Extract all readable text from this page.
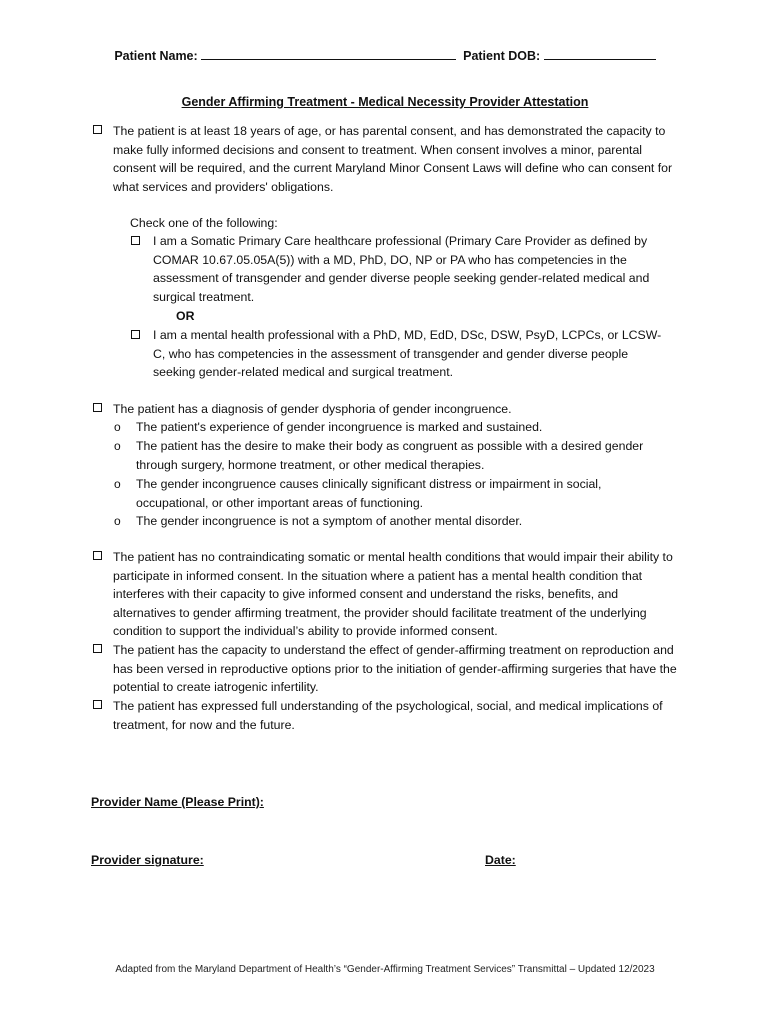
Patient Name:	Patient DOB:
Gender Affirming Treatment - Medical Necessity Provider Attestation

The patient is at least 18 years of age, or has parental consent, and has demonstrated the capacity to make fully informed decisions and consent to treatment. When consent involves a minor, parental consent will be required, and the current Maryland Minor Consent Laws will define who can consent for what services and providers' obligations.

Check one of the following:

I am a Somatic Primary Care healthcare professional (Primary Care Provider as defined by COMAR 10.67.05.05A(5)) with a MD, PhD, DO, NP or PA who has competencies in the assessment of transgender and gender diverse people seeking gender-related medical and surgical treatment.

OR

I am a mental health professional with a PhD, MD, EdD, DSc, DSW, PsyD, LCPCs, or LCSW-C, who has competencies in the assessment of transgender and gender diverse people seeking gender-related medical and surgical treatment.

The patient has a diagnosis of gender dysphoria of gender incongruence.

o The patient's experience of gender incongruence is marked and sustained.

o The patient has the desire to make their body as congruent as possible with a desired gender through surgery, hormone treatment, or other medical therapies.

o The gender incongruence causes clinically significant distress or impairment in social, occupational, or other important areas of functioning.

o The gender incongruence is not a symptom of another mental disorder.

The patient has no contraindicating somatic or mental health conditions that would impair their ability to participate in informed consent. In the situation where a patient has a mental health condition that interferes with their capacity to give informed consent and understand the risks, benefits, and alternatives to gender affirming treatment, the provider should facilitate treatment of the underlying condition to support the individual’s ability to provide informed consent.

The patient has the capacity to understand the effect of gender-affirming treatment on reproduction and has been versed in reproductive options prior to the initiation of gender-affirming surgeries that have the potential to create iatrogenic infertility.

The patient has expressed full understanding of the psychological, social, and medical implications of treatment, for now and the future.

Provider Name (Please Print):
Provider signature:	Date:
Adapted from the Maryland Department of Health’s “Gender-Affirming Treatment Services” Transmittal – Updated 12/2023
